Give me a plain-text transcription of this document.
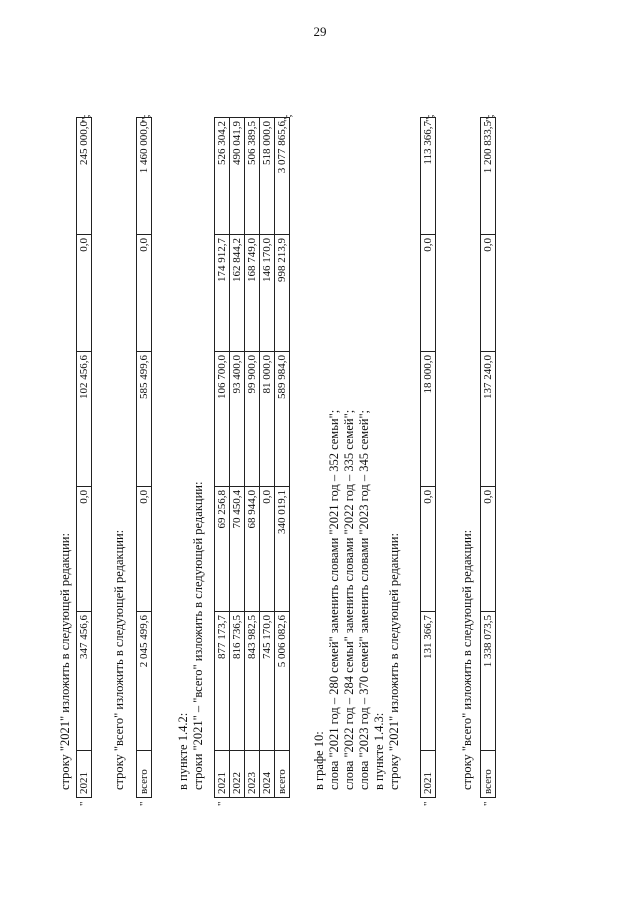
29
строку "2021" изложить в следующей редакции:
"
2021	347 456,6	0,0	102 456,6	0,0	245 000,0
";
строку "всего" изложить в следующей редакции:
"
всего	2 045 499,6	0,0	585 499,6	0,0	1 460 000,0
";
в пункте 1.4.2: строки "2021" – "всего" изложить в следующей редакции:
"
2021	877 173,7	69 256,8	106 700,0	174 912,7	526 304,2
2022	816 736,5	70 450,4	93 400,0	162 844,2	490 041,9
2023	843 982,5	68 944,0	99 900,0	168 749,0	506 389,5
2024	745 170,0	0,0	81 000,0	146 170,0	518 000,0
всего	5 006 082,6	340 019,1	589 984,0	998 213,9	3 077 865,6
";
в графе 10: слова "2021 год – 280 семей" заменить словами "2021 год – 352 семьи"; слова "2022 год – 284 семьи" заменить словами "2022 год – 335 семей"; слова "2023 год – 370 семей" заменить словами "2023 год – 345 семей"; в пункте 1.4.3: строку "2021" изложить в следующей редакции:
"
2021	131 366,7	0,0	18 000,0	0,0	113 366,7
";
строку "всего" изложить в следующей редакции:
"
всего	1 338 073,5	0,0	137 240,0	0,0	1 200 833,5
";
